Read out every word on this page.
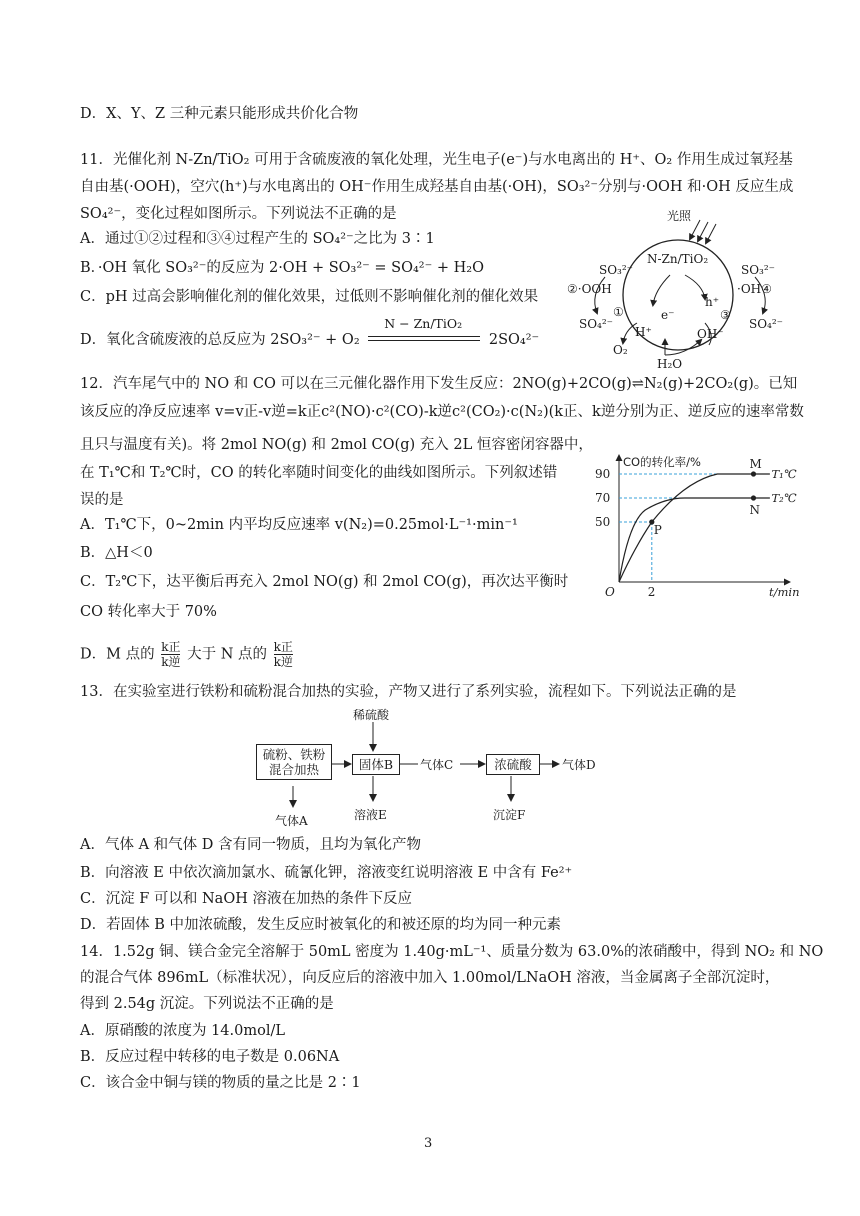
D．X、Y、Z 三种元素只能形成共价化合物
11．光催化剂 N-Zn/TiO₂ 可用于含硫废液的氧化处理，光生电子(e⁻)与水电离出的 H⁺、O₂ 作用生成过氧羟基
自由基(·OOH)，空穴(h⁺)与水电离出的 OH⁻作用生成羟基自由基(·OH)，SO₃²⁻分别与·OOH 和·OH 反应生成
SO₄²⁻，变化过程如图所示。下列说法不正确的是
A．通过①②过程和③④过程产生的 SO₄²⁻之比为 3∶1
B．·OH 氧化 SO₃²⁻的反应为 2·OH + SO₃²⁻ = SO₄²⁻ + H₂O
C．pH 过高会影响催化剂的催化效果，过低则不影响催化剂的催化效果
D．氧化含硫废液的总反应为 2SO₃²⁻ + O₂
N − Zn/TiO₂
2SO₄²⁻
光照
N-Zn/TiO₂
e⁻
h⁺
SO₃²⁻	SO₃²⁻
②·OOH	·OH④
SO₄²⁻	SO₄²⁻
①	③
H⁺	OH⁻
O₂
H₂O
12．汽车尾气中的 NO 和 CO 可以在三元催化器作用下发生反应：2NO(g)+2CO(g)⇌N₂(g)+2CO₂(g)。已知
该反应的净反应速率 v=v正-v逆=k正c²(NO)·c²(CO)-k逆c²(CO₂)·c(N₂)(k正、k逆分别为正、逆反应的速率常数
且只与温度有关)。将 2mol NO(g) 和 2mol CO(g) 充入 2L 恒容密闭容器中，
在 T₁℃和 T₂℃时，CO 的转化率随时间变化的曲线如图所示。下列叙述错
误的是
A．T₁℃下，0~2min 内平均反应速率 v(N₂)=0.25mol·L⁻¹·min⁻¹
B．△H＜0
C．T₂℃下，达平衡后再充入 2mol NO(g) 和 2mol CO(g)，再次达平衡时
CO 转化率大于 70%
D．M 点的 k正
k逆 大于 N 点的 k正
k逆
CO的转化率/%
t/min
O
50
70
90
2
P
M
N
T₁℃
T₂℃
13．在实验室进行铁粉和硫粉混合加热的实验，产物又进行了系列实验，流程如下。下列说法正确的是
稀硫酸
硫粉、铁粉
混合加热	固体B	气体C	浓硫酸	气体D
气体A	溶液E	沉淀F
A．气体 A 和气体 D 含有同一物质，且均为氧化产物
B．向溶液 E 中依次滴加氯水、硫氰化钾，溶液变红说明溶液 E 中含有 Fe²⁺
C．沉淀 F 可以和 NaOH 溶液在加热的条件下反应
D．若固体 B 中加浓硫酸，发生反应时被氧化的和被还原的均为同一种元素
14．1.52g 铜、镁合金完全溶解于 50mL 密度为 1.40g·mL⁻¹、质量分数为 63.0%的浓硝酸中，得到 NO₂ 和 NO
的混合气体 896mL（标准状况），向反应后的溶液中加入 1.00mol/LNaOH 溶液，当金属离子全部沉淀时，
得到 2.54g 沉淀。下列说法不正确的是
A．原硝酸的浓度为 14.0mol/L
B．反应过程中转移的电子数是 0.06NA
C．该合金中铜与镁的物质的量之比是 2∶1
3
